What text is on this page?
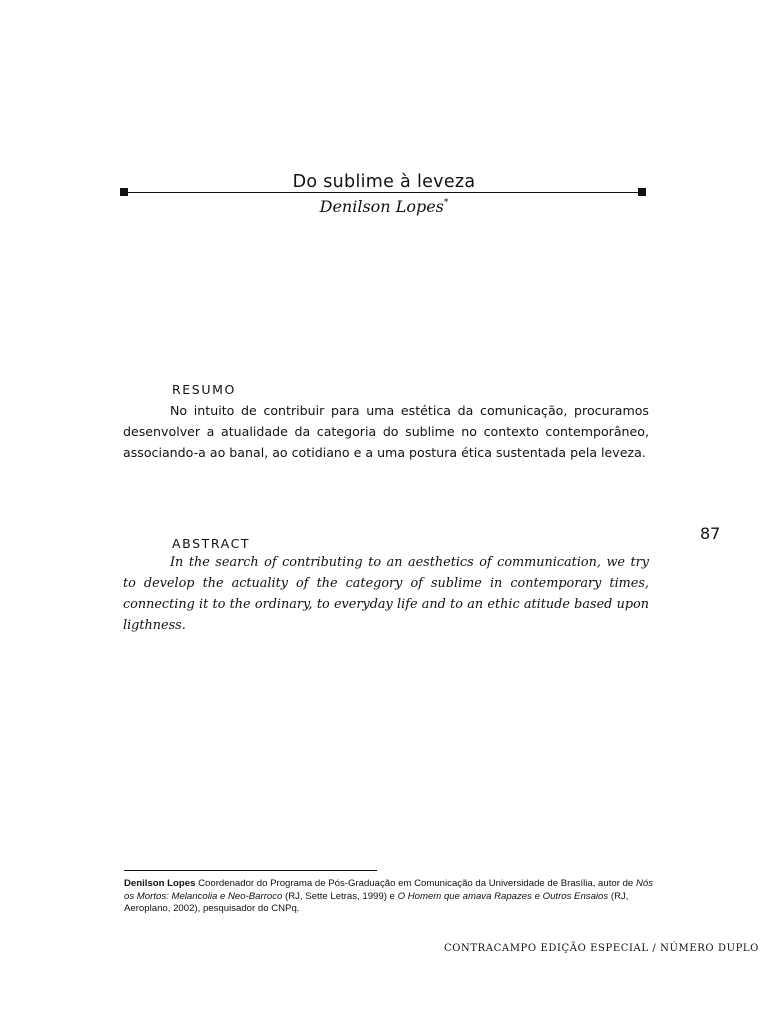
Do sublime à leveza
Denilson Lopes*
RESUMO
No intuito de contribuir para uma estética da comunicação, procuramos desenvolver a atualidade da categoria do sublime no contexto contemporâneo, associando-a ao banal, ao cotidiano e a uma postura ética sustentada pela leveza.
ABSTRACT
In the search of contributing to an aesthetics of communication, we try to develop the actuality of the category of sublime in contemporary times, connecting it to the ordinary, to everyday life and to an ethic atitude based upon ligthness.
87
Denilson Lopes Coordenador do Programa de Pós-Graduação em Comunicação da Universidade de Brasília, autor de Nós os Mortos: Melancolia e Neo-Barroco (RJ, Sette Letras, 1999) e O Homem que amava Rapazes e Outros Ensaios (RJ, Aeroplano, 2002), pesquisador do CNPq.
CONTRACAMPO EDIÇÃO ESPECIAL / NÚMERO DUPLO
